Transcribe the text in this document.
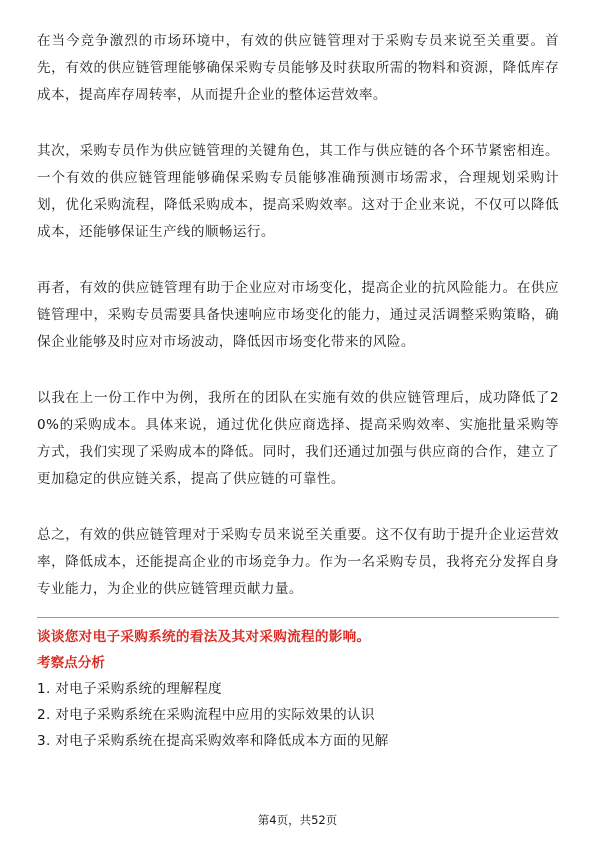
在当今竞争激烈的市场环境中，有效的供应链管理对于采购专员来说至关重要。首先，有效的供应链管理能够确保采购专员能够及时获取所需的物料和资源，降低库存成本，提高库存周转率，从而提升企业的整体运营效率。

其次，采购专员作为供应链管理的关键角色，其工作与供应链的各个环节紧密相连。一个有效的供应链管理能够确保采购专员能够准确预测市场需求，合理规划采购计划，优化采购流程，降低采购成本，提高采购效率。这对于企业来说，不仅可以降低成本，还能够保证生产线的顺畅运行。

再者，有效的供应链管理有助于企业应对市场变化，提高企业的抗风险能力。在供应链管理中，采购专员需要具备快速响应市场变化的能力，通过灵活调整采购策略，确保企业能够及时应对市场波动，降低因市场变化带来的风险。

以我在上一份工作中为例，我所在的团队在实施有效的供应链管理后，成功降低了20%的采购成本。具体来说，通过优化供应商选择、提高采购效率、实施批量采购等方式，我们实现了采购成本的降低。同时，我们还通过加强与供应商的合作，建立了更加稳定的供应链关系，提高了供应链的可靠性。

总之，有效的供应链管理对于采购专员来说至关重要。这不仅有助于提升企业运营效率，降低成本，还能提高企业的市场竞争力。作为一名采购专员，我将充分发挥自身专业能力，为企业的供应链管理贡献力量。

谈谈您对电子采购系统的看法及其对采购流程的影响。
考察点分析

1. 对电子采购系统的理解程度

2. 对电子采购系统在采购流程中应用的实际效果的认识

3. 对电子采购系统在提高采购效率和降低成本方面的见解

第4页，共52页
